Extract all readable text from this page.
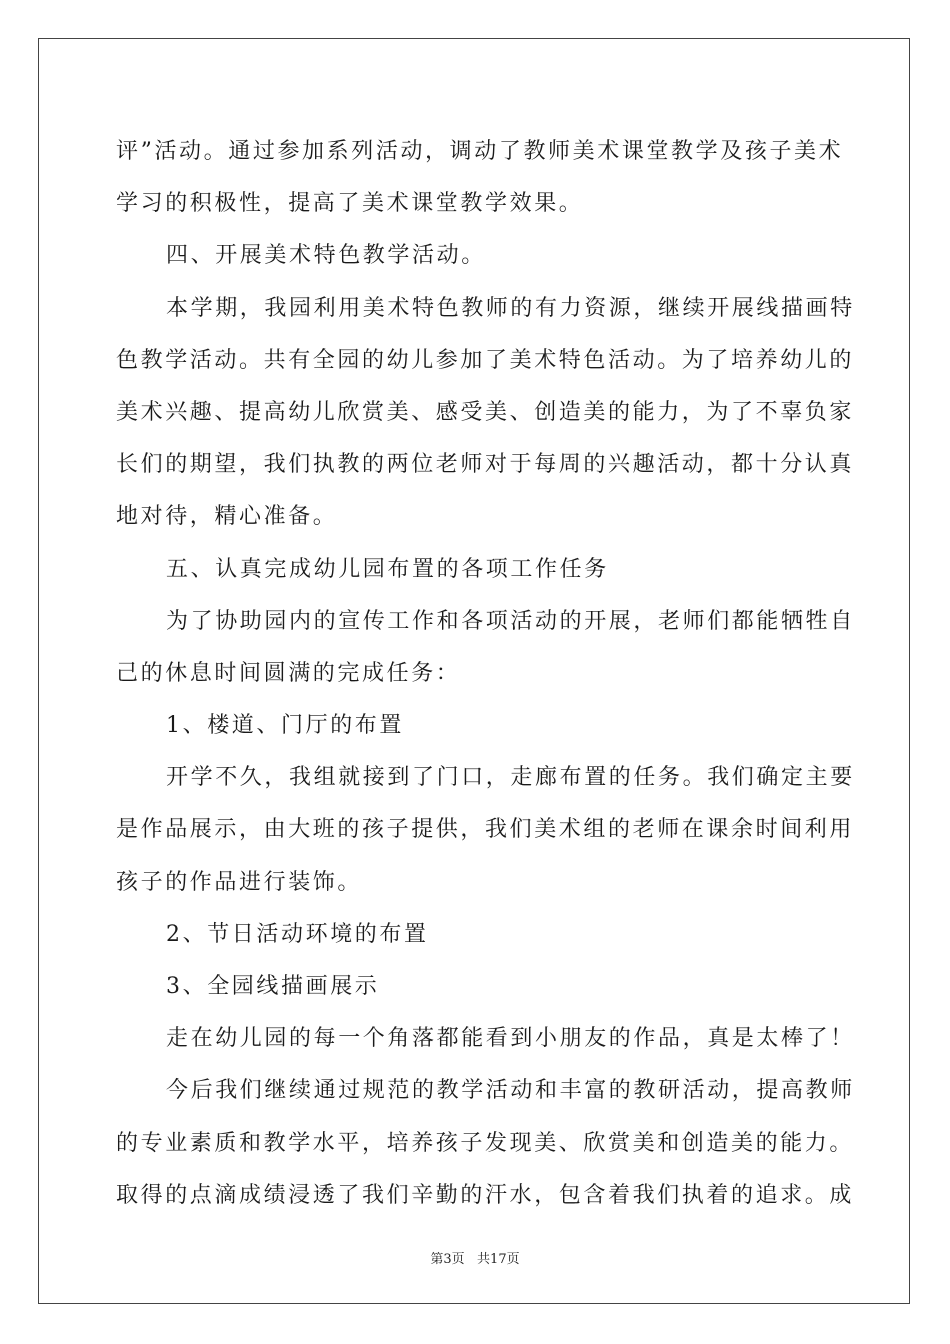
评”活动。通过参加系列活动，调动了教师美术课堂教学及孩子美术
学习的积极性，提高了美术课堂教学效果。
四、开展美术特色教学活动。
本学期，我园利用美术特色教师的有力资源，继续开展线描画特
色教学活动。共有全园的幼儿参加了美术特色活动。为了培养幼儿的
美术兴趣、提高幼儿欣赏美、感受美、创造美的能力，为了不辜负家
长们的期望，我们执教的两位老师对于每周的兴趣活动，都十分认真
地对待，精心准备。
五、认真完成幼儿园布置的各项工作任务
为了协助园内的宣传工作和各项活动的开展，老师们都能牺牲自
己的休息时间圆满的完成任务：
1、楼道、门厅的布置
开学不久，我组就接到了门口，走廊布置的任务。我们确定主要
是作品展示，由大班的孩子提供，我们美术组的老师在课余时间利用
孩子的作品进行装饰。
2、节日活动环境的布置
3、全园线描画展示
走在幼儿园的每一个角落都能看到小朋友的作品，真是太棒了！
今后我们继续通过规范的教学活动和丰富的教研活动，提高教师
的专业素质和教学水平，培养孩子发现美、欣赏美和创造美的能力。
取得的点滴成绩浸透了我们辛勤的汗水，包含着我们执着的追求。成
第3页   共17页
